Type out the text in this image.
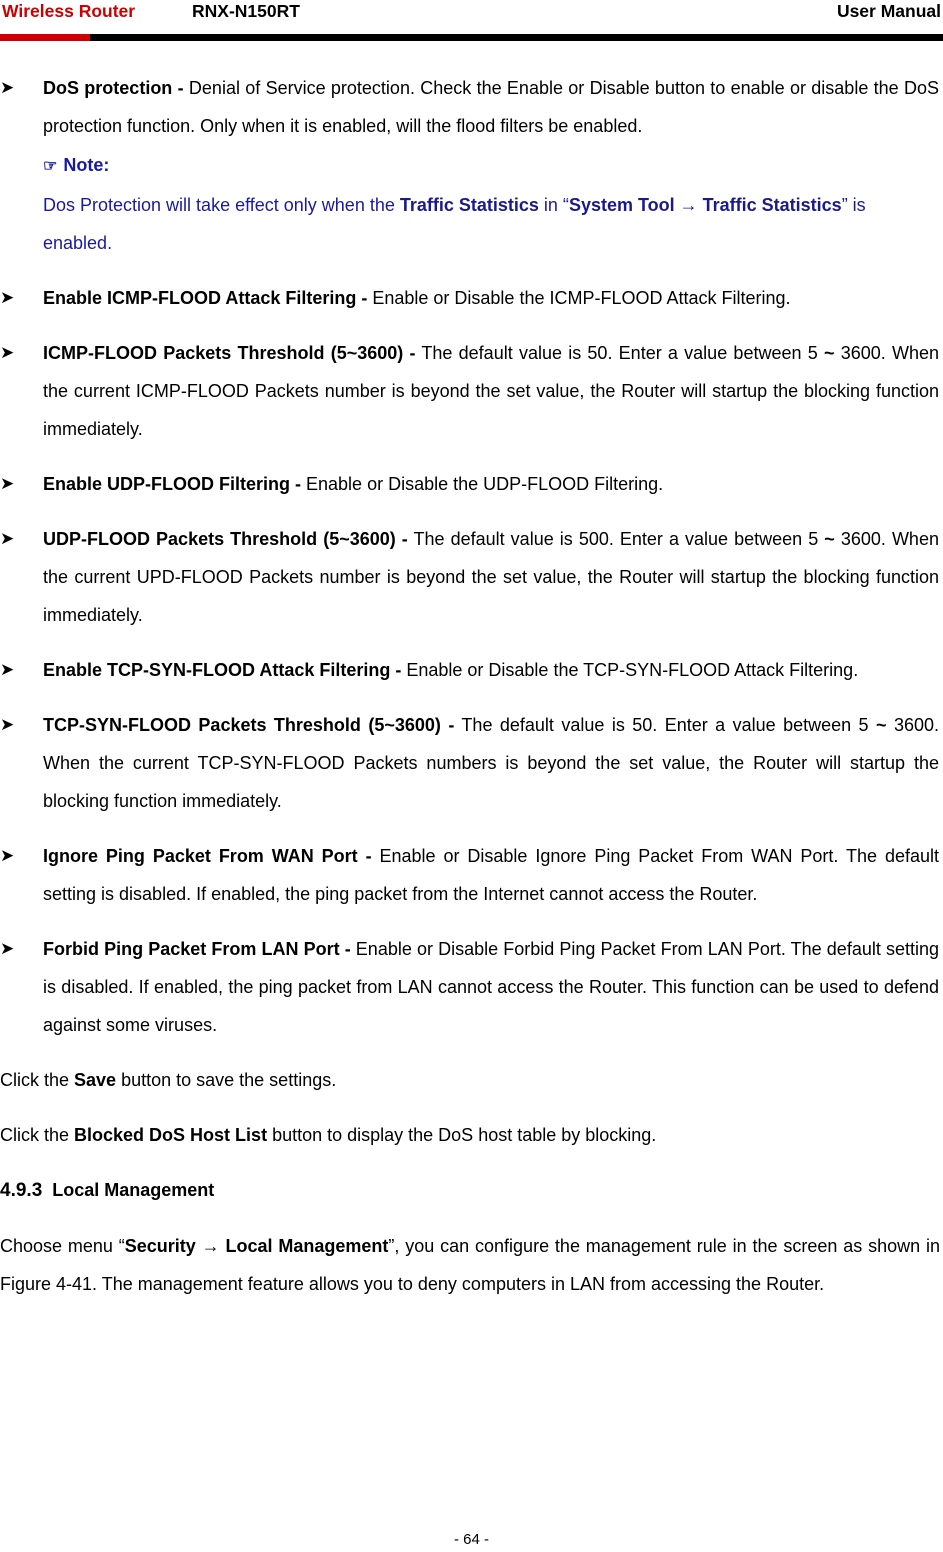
Wireless Router	RNX-N150RT	User Manual
➤ DoS protection - Denial of Service protection. Check the Enable or Disable button to enable or disable the DoS protection function. Only when it is enabled, will the flood filters be enabled.
☞ Note:
Dos Protection will take effect only when the Traffic Statistics in “System Tool → Traffic Statistics” is enabled.
➤ Enable ICMP-FLOOD Attack Filtering - Enable or Disable the ICMP-FLOOD Attack Filtering.
➤ ICMP-FLOOD Packets Threshold (5~3600) - The default value is 50. Enter a value between 5 ~ 3600. When the current ICMP-FLOOD Packets number is beyond the set value, the Router will startup the blocking function immediately.
➤ Enable UDP-FLOOD Filtering - Enable or Disable the UDP-FLOOD Filtering.
➤ UDP-FLOOD Packets Threshold (5~3600) - The default value is 500. Enter a value between 5 ~ 3600. When the current UPD-FLOOD Packets number is beyond the set value, the Router will startup the blocking function immediately.
➤ Enable TCP-SYN-FLOOD Attack Filtering - Enable or Disable the TCP-SYN-FLOOD Attack Filtering.
➤ TCP-SYN-FLOOD Packets Threshold (5~3600) - The default value is 50. Enter a value between 5 ~ 3600. When the current TCP-SYN-FLOOD Packets numbers is beyond the set value, the Router will startup the blocking function immediately.
➤ Ignore Ping Packet From WAN Port - Enable or Disable Ignore Ping Packet From WAN Port. The default setting is disabled. If enabled, the ping packet from the Internet cannot access the Router.
➤ Forbid Ping Packet From LAN Port - Enable or Disable Forbid Ping Packet From LAN Port. The default setting is disabled. If enabled, the ping packet from LAN cannot access the Router. This function can be used to defend against some viruses.
Click the Save button to save the settings.
Click the Blocked DoS Host List button to display the DoS host table by blocking.
4.9.3 Local Management
Choose menu “Security → Local Management”, you can configure the management rule in the screen as shown in Figure 4-41. The management feature allows you to deny computers in LAN from accessing the Router.
- 64 -
